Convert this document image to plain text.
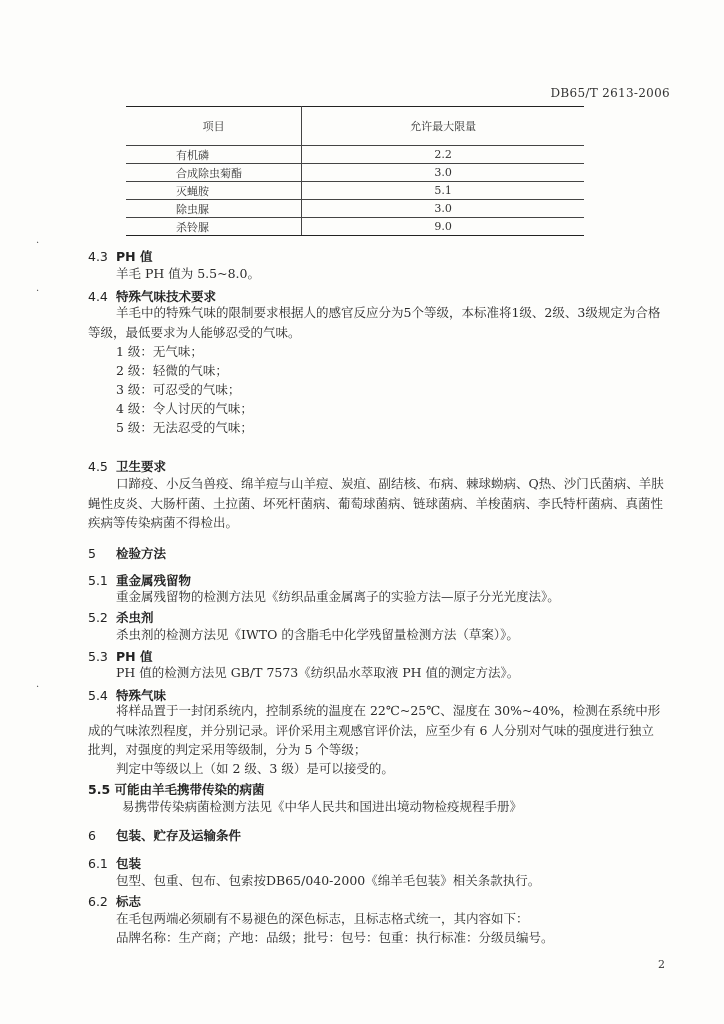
DB65/T 2613-2006
项目	允许最大限量
有机磷	2.2
合成除虫菊酯	3.0
灭蝇胺	5.1
除虫脲	3.0
杀铃脲	9.0
·
·
·
4.3 PH 值
羊毛 PH 值为 5.5~8.0。
4.4 特殊气味技术要求
羊毛中的特殊气味的限制要求根据人的感官反应分为5个等级，本标准将1级、2级、3级规定为合格等级，最低要求为人能够忍受的气味。
1 级：无气味；
2 级：轻微的气味；
3 级：可忍受的气味；
4 级：令人讨厌的气味；
5 级：无法忍受的气味；
4.5 卫生要求
口蹄疫、小反刍兽疫、绵羊痘与山羊痘、炭疽、副结核、布病、棘球蚴病、Q热、沙门氏菌病、羊肤蝇性皮炎、大肠杆菌、土拉菌、坏死杆菌病、葡萄球菌病、链球菌病、羊梭菌病、李氏特杆菌病、真菌性疾病等传染病菌不得检出。
5 检验方法
5.1 重金属残留物
重金属残留物的检测方法见《纺织品重金属离子的实验方法—原子分光光度法》。
5.2 杀虫剂
杀虫剂的检测方法见《IWTO 的含脂毛中化学残留量检测方法（草案）》。
5.3 PH 值
PH 值的检测方法见 GB/T 7573《纺织品水萃取液 PH 值的测定方法》。
5.4 特殊气味
将样品置于一封闭系统内，控制系统的温度在 22℃~25℃、湿度在 30%~40%，检测在系统中形成的气味浓烈程度，并分别记录。评价采用主观感官评价法，应至少有 6 人分别对气味的强度进行独立批判，对强度的判定采用等级制，分为 5 个等级；
判定中等级以上（如 2 级、3 级）是可以接受的。
5.5 可能由羊毛携带传染的病菌
易携带传染病菌检测方法见《中华人民共和国进出境动物检疫规程手册》
6 包装、贮存及运输条件
6.1 包装
包型、包重、包布、包索按DB65/040-2000《绵羊毛包装》相关条款执行。
6.2 标志
在毛包两端必须刷有不易褪色的深色标志，且标志格式统一，其内容如下：
品牌名称：生产商；产地：品级；批号：包号：包重：执行标准：分级员编号。
2
